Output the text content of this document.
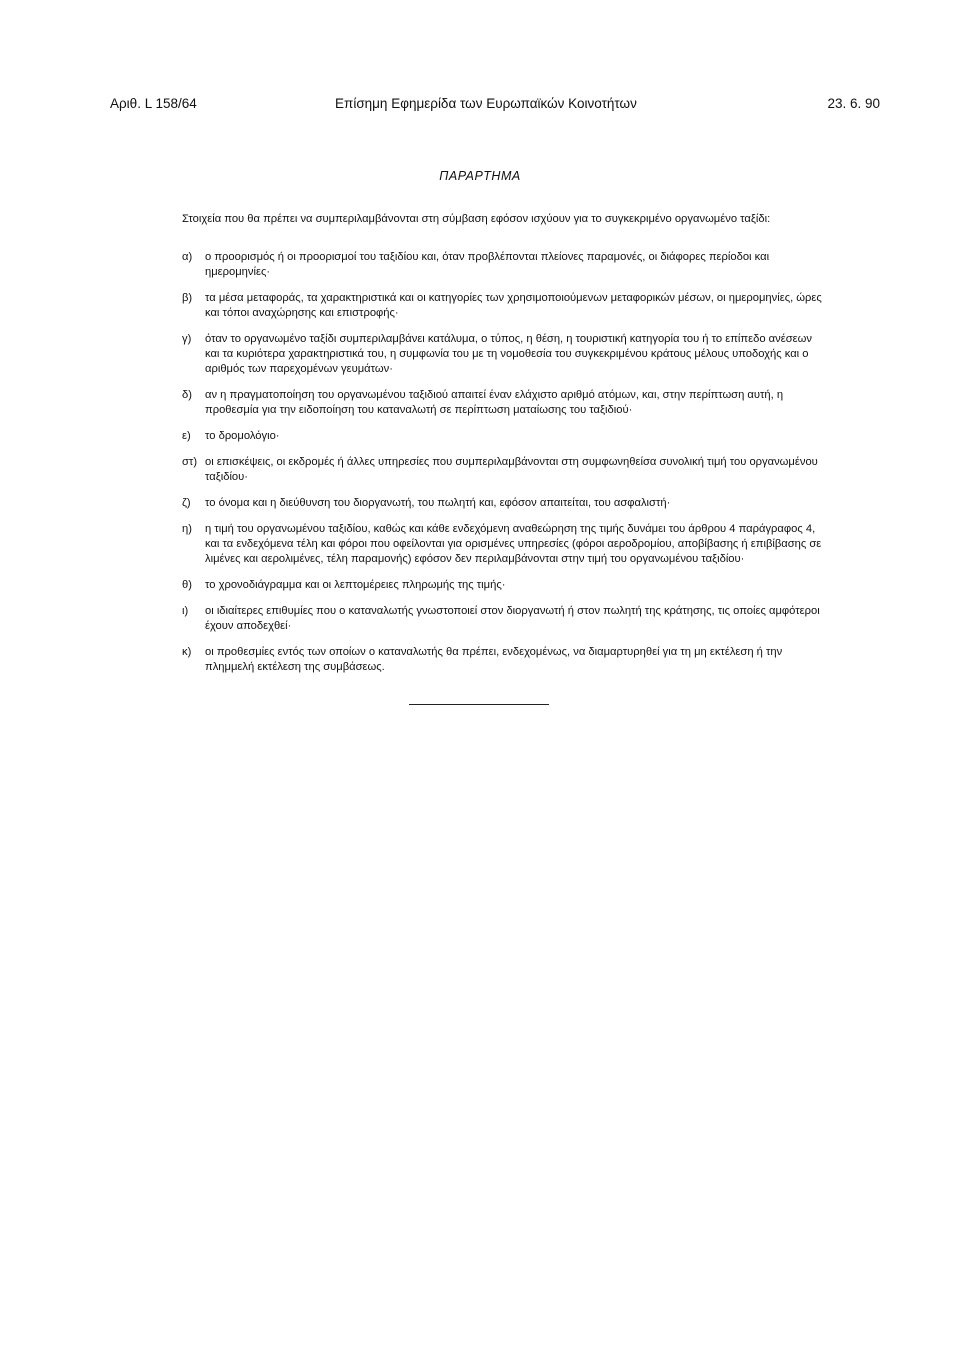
Αριθ. L 158/64	Επίσημη Εφημερίδα των Ευρωπαϊκών Κοινοτήτων	23. 6. 90
ΠΑΡΑΡΤΗΜΑ
Στοιχεία που θα πρέπει να συμπεριλαμβάνονται στη σύμβαση εφόσον ισχύουν για το συγκεκριμένο οργανωμένο ταξίδι:
α)	ο προορισμός ή οι προορισμοί του ταξιδίου και, όταν προβλέπονται πλείονες παραμονές, οι διάφορες περίοδοι και ημερομηνίες·
β)	τα μέσα μεταφοράς, τα χαρακτηριστικά και οι κατηγορίες των χρησιμοποιούμενων μεταφορικών μέσων, οι ημερομηνίες, ώρες και τόποι αναχώρησης και επιστροφής·
γ)	όταν το οργανωμένο ταξίδι συμπεριλαμβάνει κατάλυμα, ο τύπος, η θέση, η τουριστική κατηγορία του ή το επίπεδο ανέσεων και τα κυριότερα χαρακτηριστικά του, η συμφωνία του με τη νομοθεσία του συγκεκριμένου κράτους μέλους υποδοχής και ο αριθμός των παρεχομένων γευμάτων·
δ)	αν η πραγματοποίηση του οργανωμένου ταξιδιού απαιτεί έναν ελάχιστο αριθμό ατόμων, και, στην περίπτωση αυτή, η προθεσμία για την ειδοποίηση του καταναλωτή σε περίπτωση ματαίωσης του ταξιδιού·
ε)	το δρομολόγιο·
στ) οι επισκέψεις, οι εκδρομές ή άλλες υπηρεσίες που συμπεριλαμβάνονται στη συμφωνηθείσα συνολική τιμή του οργανωμένου ταξιδίου·
ζ)	το όνομα και η διεύθυνση του διοργανωτή, του πωλητή και, εφόσον απαιτείται, του ασφαλιστή·
η)	η τιμή του οργανωμένου ταξιδίου, καθώς και κάθε ενδεχόμενη αναθεώρηση της τιμής δυνάμει του άρθρου 4 παράγραφος 4, και τα ενδεχόμενα τέλη και φόροι που οφείλονται για ορισμένες υπηρεσίες (φόροι αεροδρομίου, αποβίβασης ή επιβίβασης σε λιμένες και αερολιμένες, τέλη παραμονής) εφόσον δεν περιλαμβάνονται στην τιμή του οργανωμένου ταξιδίου·
θ)	το χρονοδιάγραμμα και οι λεπτομέρειες πληρωμής της τιμής·
ι)	οι ιδιαίτερες επιθυμίες που ο καταναλωτής γνωστοποιεί στον διοργανωτή ή στον πωλητή της κράτησης, τις οποίες αμφότεροι έχουν αποδεχθεί·
κ)	οι προθεσμίες εντός των οποίων ο καταναλωτής θα πρέπει, ενδεχομένως, να διαμαρτυρηθεί για τη μη εκτέλεση ή την πλημμελή εκτέλεση της συμβάσεως.
